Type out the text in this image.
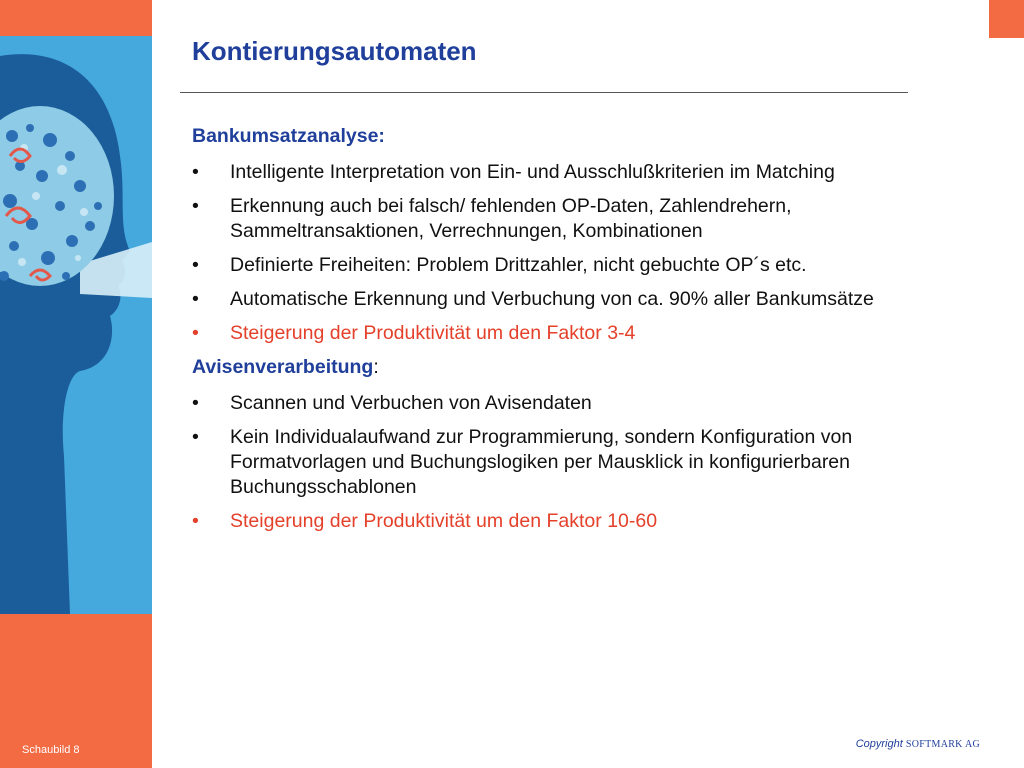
Schaubild 8
Kontierungsautomaten
Bankumsatzanalyse:
•	Intelligente Interpretation von Ein- und Ausschlußkriterien im Matching
•	Erkennung auch bei falsch/ fehlenden OP-Daten, Zahlendrehern, Sammeltransaktionen, Verrechnungen, Kombinationen
•	Definierte Freiheiten: Problem Drittzahler, nicht gebuchte OP´s etc.
•	Automatische Erkennung und Verbuchung von ca. 90% aller Bankumsätze
•	Steigerung der Produktivität um den Faktor 3-4
Avisenverarbeitung:
•	Scannen und Verbuchen von Avisendaten
•	Kein Individualaufwand zur Programmierung, sondern Konfiguration von Formatvorlagen und Buchungslogiken per Mausklick in konfigurierbaren Buchungsschablonen
•	Steigerung der Produktivität um den Faktor 10-60
Copyright SOFTMARK AG
